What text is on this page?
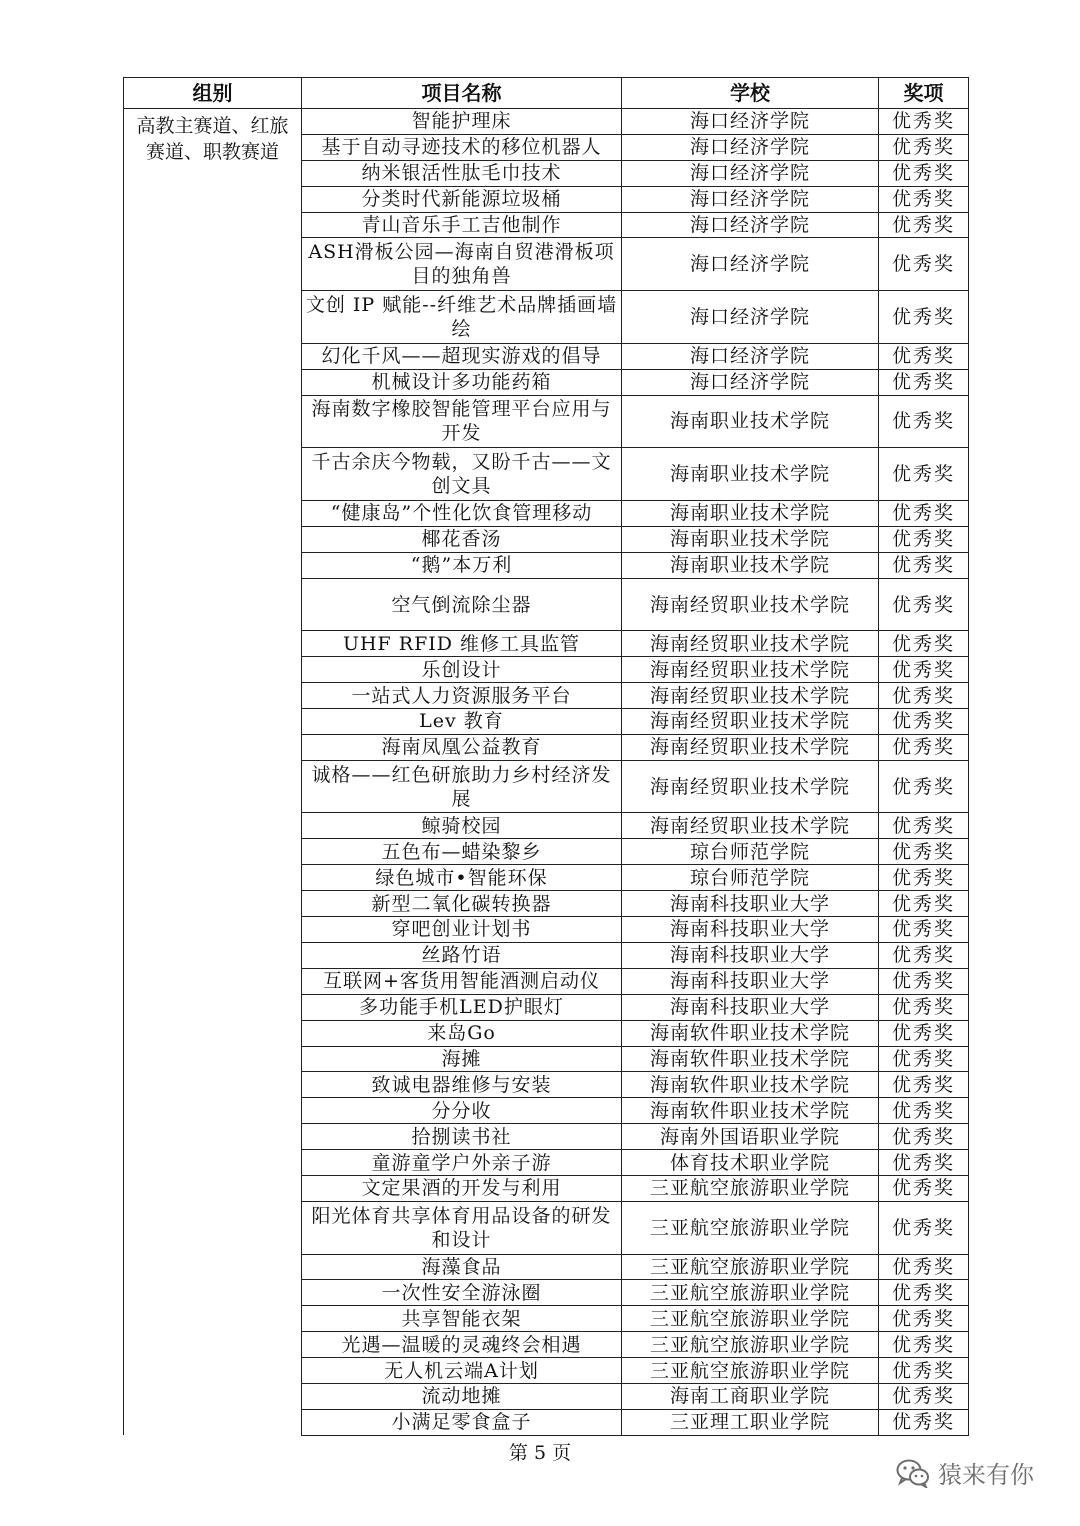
组别	项目名称	学校	奖项
高教主赛道、红旅赛道、职教赛道	智能护理床	海口经济学院	优秀奖
	基于自动寻迹技术的移位机器人	海口经济学院	优秀奖
	纳米银活性肽毛巾技术	海口经济学院	优秀奖
	分类时代新能源垃圾桶	海口经济学院	优秀奖
	青山音乐手工吉他制作	海口经济学院	优秀奖
	ASH滑板公园—海南自贸港滑板项目的独角兽	海口经济学院	优秀奖
	文创 IP 赋能--纤维艺术品牌插画墙绘	海口经济学院	优秀奖
	幻化千风——超现实游戏的倡导	海口经济学院	优秀奖
	机械设计多功能药箱	海口经济学院	优秀奖
	海南数字橡胶智能管理平台应用与开发	海南职业技术学院	优秀奖
	千古余庆今物载，又盼千古——文创文具	海南职业技术学院	优秀奖
	“健康岛”个性化饮食管理移动	海南职业技术学院	优秀奖
	椰花香汤	海南职业技术学院	优秀奖
	“鹅”本万利	海南职业技术学院	优秀奖
	空气倒流除尘器	海南经贸职业技术学院	优秀奖
	UHF RFID 维修工具监管	海南经贸职业技术学院	优秀奖
	乐创设计	海南经贸职业技术学院	优秀奖
	一站式人力资源服务平台	海南经贸职业技术学院	优秀奖
	Lev 教育	海南经贸职业技术学院	优秀奖
	海南凤凰公益教育	海南经贸职业技术学院	优秀奖
	诚格——红色研旅助力乡村经济发展	海南经贸职业技术学院	优秀奖
	鲸骑校园	海南经贸职业技术学院	优秀奖
	五色布—蜡染黎乡	琼台师范学院	优秀奖
	绿色城市•智能环保	琼台师范学院	优秀奖
	新型二氧化碳转换器	海南科技职业大学	优秀奖
	穿吧创业计划书	海南科技职业大学	优秀奖
	丝路竹语	海南科技职业大学	优秀奖
	互联网+客货用智能酒测启动仪	海南科技职业大学	优秀奖
	多功能手机LED护眼灯	海南科技职业大学	优秀奖
	来岛Go	海南软件职业技术学院	优秀奖
	海摊	海南软件职业技术学院	优秀奖
	致诚电器维修与安装	海南软件职业技术学院	优秀奖
	分分收	海南软件职业技术学院	优秀奖
	拾捌读书社	海南外国语职业学院	优秀奖
	童游童学户外亲子游	体育技术职业学院	优秀奖
	文定果酒的开发与利用	三亚航空旅游职业学院	优秀奖
	阳光体育共享体育用品设备的研发和设计	三亚航空旅游职业学院	优秀奖
	海藻食品	三亚航空旅游职业学院	优秀奖
	一次性安全游泳圈	三亚航空旅游职业学院	优秀奖
	共享智能衣架	三亚航空旅游职业学院	优秀奖
	光遇—温暖的灵魂终会相遇	三亚航空旅游职业学院	优秀奖
	无人机云端A计划	三亚航空旅游职业学院	优秀奖
	流动地摊	海南工商职业学院	优秀奖
	小满足零食盒子	三亚理工职业学院	优秀奖
第 5 页
猿来有你
